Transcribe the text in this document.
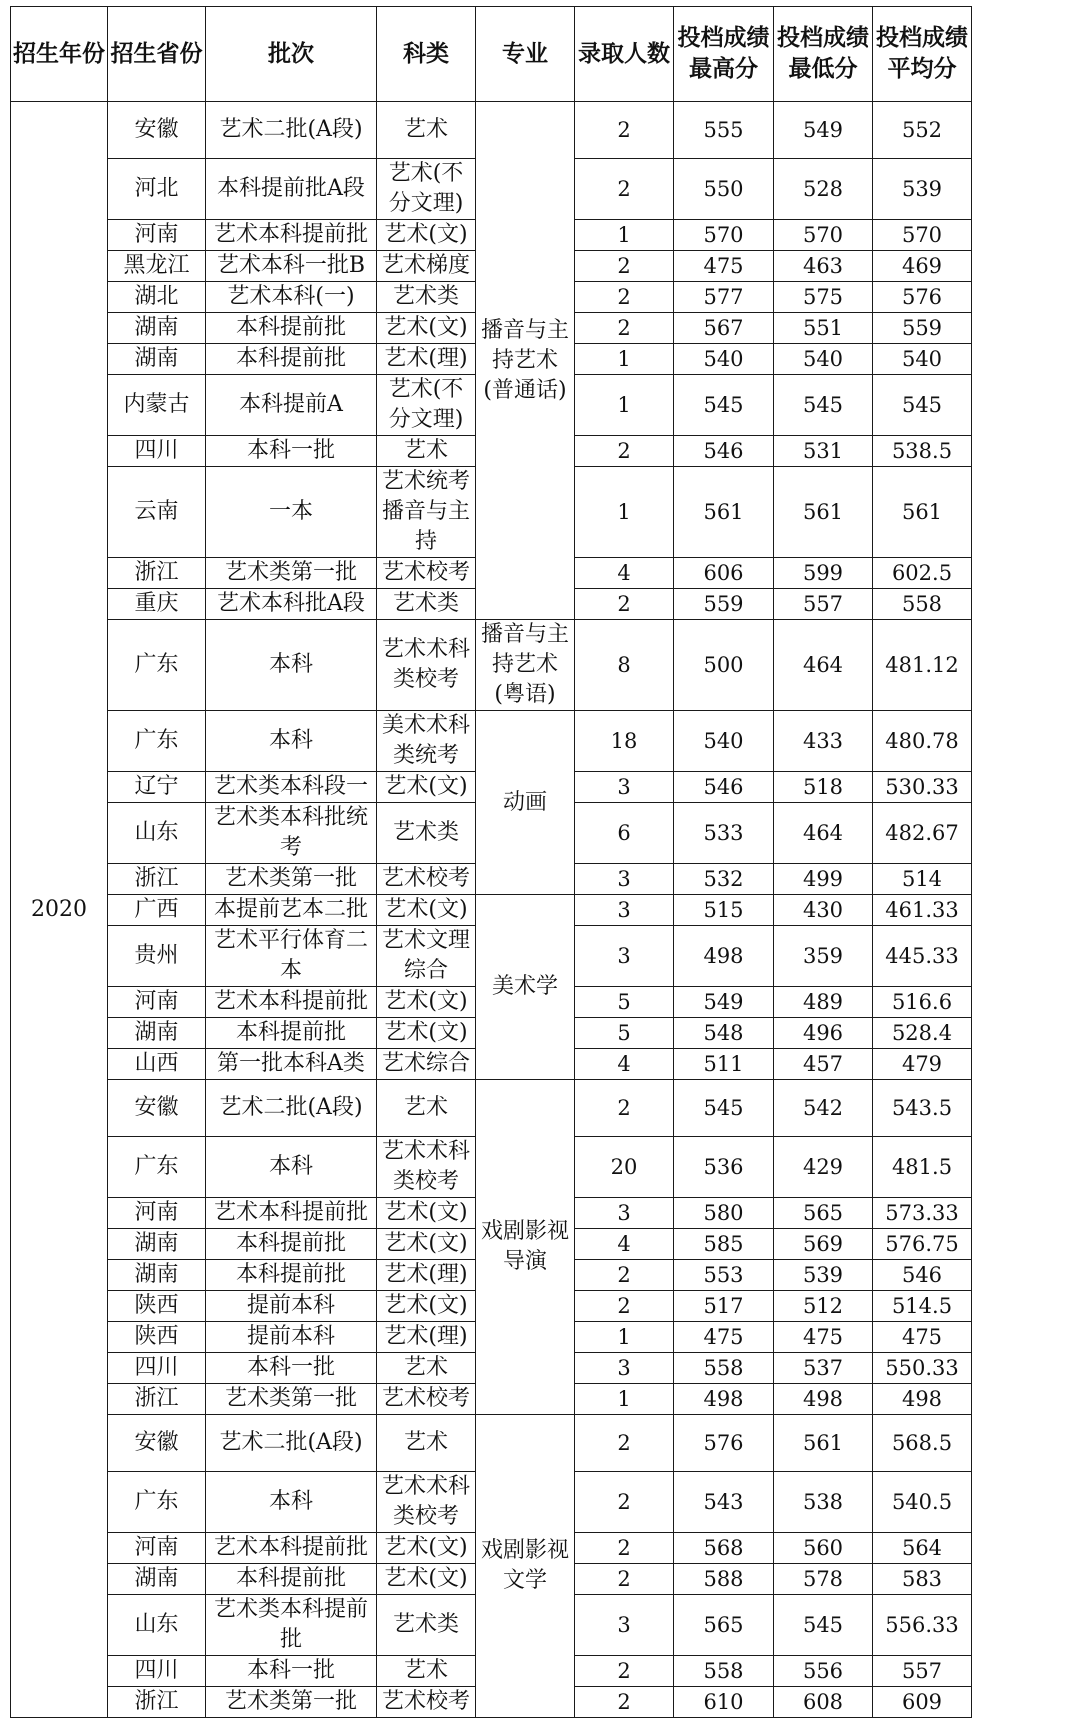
招生年份	招生省份	批次	科类	专业	录取人数	投档成绩最高分	投档成绩最低分	投档成绩平均分
2020	安徽	艺术二批(A段)	艺术	播音与主持艺术(普通话)	2	555	549	552
	河北	本科提前批A段	艺术(不分文理)		2	550	528	539
	河南	艺术本科提前批	艺术(文)		1	570	570	570
	黑龙江	艺术本科一批B	艺术梯度		2	475	463	469
	湖北	艺术本科(一)	艺术类		2	577	575	576
	湖南	本科提前批	艺术(文)		2	567	551	559
	湖南	本科提前批	艺术(理)		1	540	540	540
	内蒙古	本科提前A	艺术(不分文理)		1	545	545	545
	四川	本科一批	艺术		2	546	531	538.5
	云南	一本	艺术统考播音与主持		1	561	561	561
	浙江	艺术类第一批	艺术校考		4	606	599	602.5
	重庆	艺术本科批A段	艺术类		2	559	557	558
	广东	本科	艺术术科类校考	播音与主持艺术(粤语)	8	500	464	481.12
	广东	本科	美术术科类统考	动画	18	540	433	480.78
	辽宁	艺术类本科段一	艺术(文)		3	546	518	530.33
	山东	艺术类本科批统考	艺术类		6	533	464	482.67
	浙江	艺术类第一批	艺术校考		3	532	499	514
	广西	本提前艺本二批	艺术(文)	美术学	3	515	430	461.33
	贵州	艺术平行体育二本	艺术文理综合		3	498	359	445.33
	河南	艺术本科提前批	艺术(文)		5	549	489	516.6
	湖南	本科提前批	艺术(文)		5	548	496	528.4
	山西	第一批本科A类	艺术综合		4	511	457	479
	安徽	艺术二批(A段)	艺术	戏剧影视导演	2	545	542	543.5
	广东	本科	艺术术科类校考		20	536	429	481.5
	河南	艺术本科提前批	艺术(文)		3	580	565	573.33
	湖南	本科提前批	艺术(文)		4	585	569	576.75
	湖南	本科提前批	艺术(理)		2	553	539	546
	陕西	提前本科	艺术(文)		2	517	512	514.5
	陕西	提前本科	艺术(理)		1	475	475	475
	四川	本科一批	艺术		3	558	537	550.33
	浙江	艺术类第一批	艺术校考		1	498	498	498
	安徽	艺术二批(A段)	艺术	戏剧影视文学	2	576	561	568.5
	广东	本科	艺术术科类校考		2	543	538	540.5
	河南	艺术本科提前批	艺术(文)		2	568	560	564
	湖南	本科提前批	艺术(文)		2	588	578	583
	山东	艺术类本科提前批	艺术类		3	565	545	556.33
	四川	本科一批	艺术		2	558	556	557
	浙江	艺术类第一批	艺术校考		2	610	608	609
